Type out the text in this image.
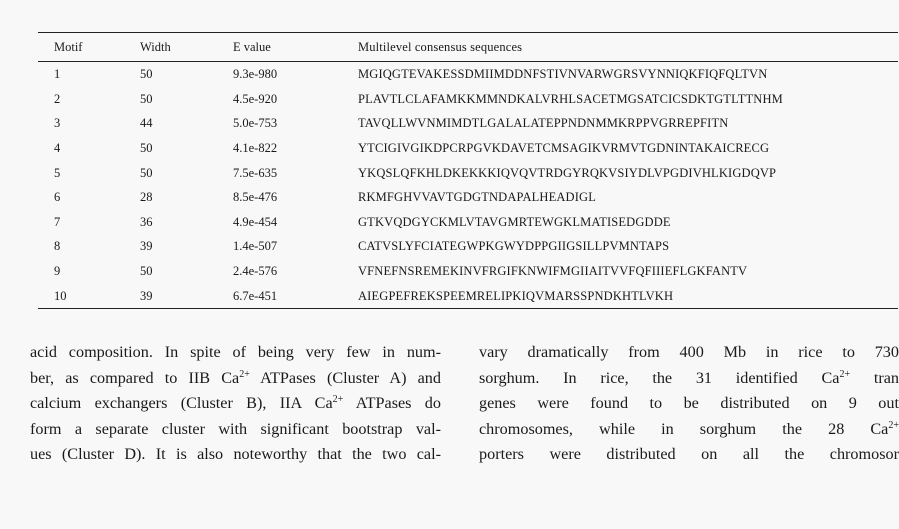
Motif	Width	E value	Multilevel consensus sequences
1	50	9.3e-980	MGIQGTEVAKESSDMIIMDDNFSTIVNVARWGRSVYNNIQKFIQFQLTVN
2	50	4.5e-920	PLAVTLCLAFAMKKMMNDKALVRHLSACETMGSATCICSDKTGTLTTNHM
3	44	5.0e-753	TAVQLLWVNMIMDTLGALALATEPPNDNMMKRPPVGRREPFITN
4	50	4.1e-822	YTCIGIVGIKDPCRPGVKDAVETCMSAGIKVRMVTGDNINTAKAICRECG
5	50	7.5e-635	YKQSLQFKHLDKEKKKIQVQVTRDGYRQKVSIYDLVPGDIVHLKIGDQVP
6	28	8.5e-476	RKMFGHVVAVTGDGTNDAPALHEADIGL
7	36	4.9e-454	GTKVQDGYCKMLVTAVGMRTEWGKLMATISEDGDDE
8	39	1.4e-507	CATVSLYFCIATEGWPKGWYDPPGIIGSILLPVMNTAPS
9	50	2.4e-576	VFNEFNSREMEKINVFRGIFKNWIFMGIIAITVVFQFIIIEFLGKFANTV
10	39	6.7e-451	AIEGPEFREKSPEEMRELIPKIQVMARSSPNDKHTLVKH
acid composition. In spite of being very few in num-
ber, as compared to IIB $Ca^{2+}$ ATPases (Cluster A) and
calcium exchangers (Cluster B), IIA $Ca^{2+}$ ATPases do
form a separate cluster with significant bootstrap val-
ues (Cluster D). It is also noteworthy that the two cal-
vary dramatically from 400 Mb in rice to 730
sorghum. In rice, the 31 identified $Ca^{2+}$ tran
genes were found to be distributed on 9 out
chromosomes, while in sorghum the 28 $Ca^{2+}$
porters were distributed on all the chromosor
